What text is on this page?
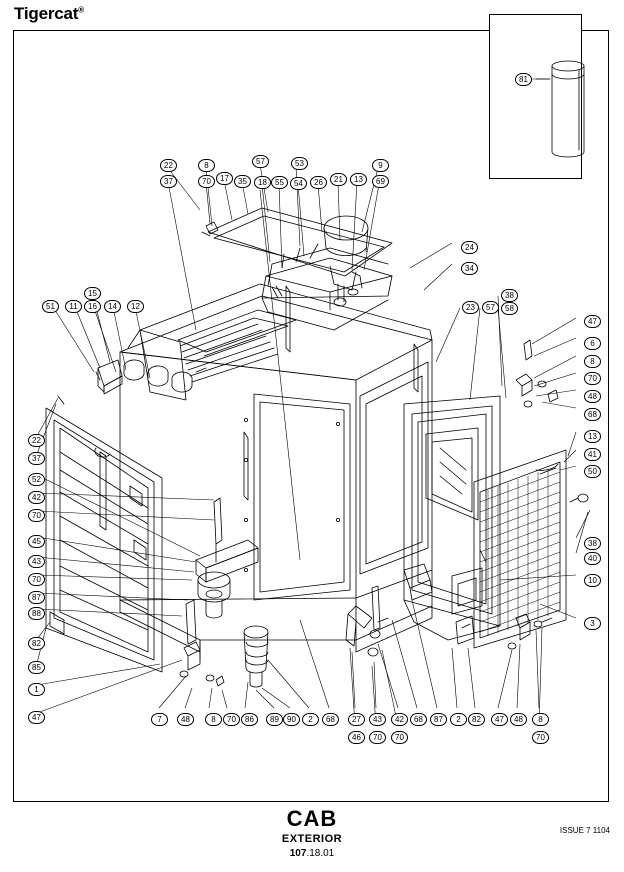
Tigercat®
81
22	8	57	53	9
37	70	17	35	18	55	54	26	21	13	69
24
34
51	11
15
16	14	12	23	57
38
58
47
6
8
70
48
68
22
37
13
41
52
50
42
70
45	38
43	40
70	10
87
88
3
82
85
1
47	7	48	8	70	86	89	90	2	68	27	43	42	68	87	2	82	47	48	8
46	70	70	70
CAB
EXTERIOR
107.18.01
ISSUE 7 1104
